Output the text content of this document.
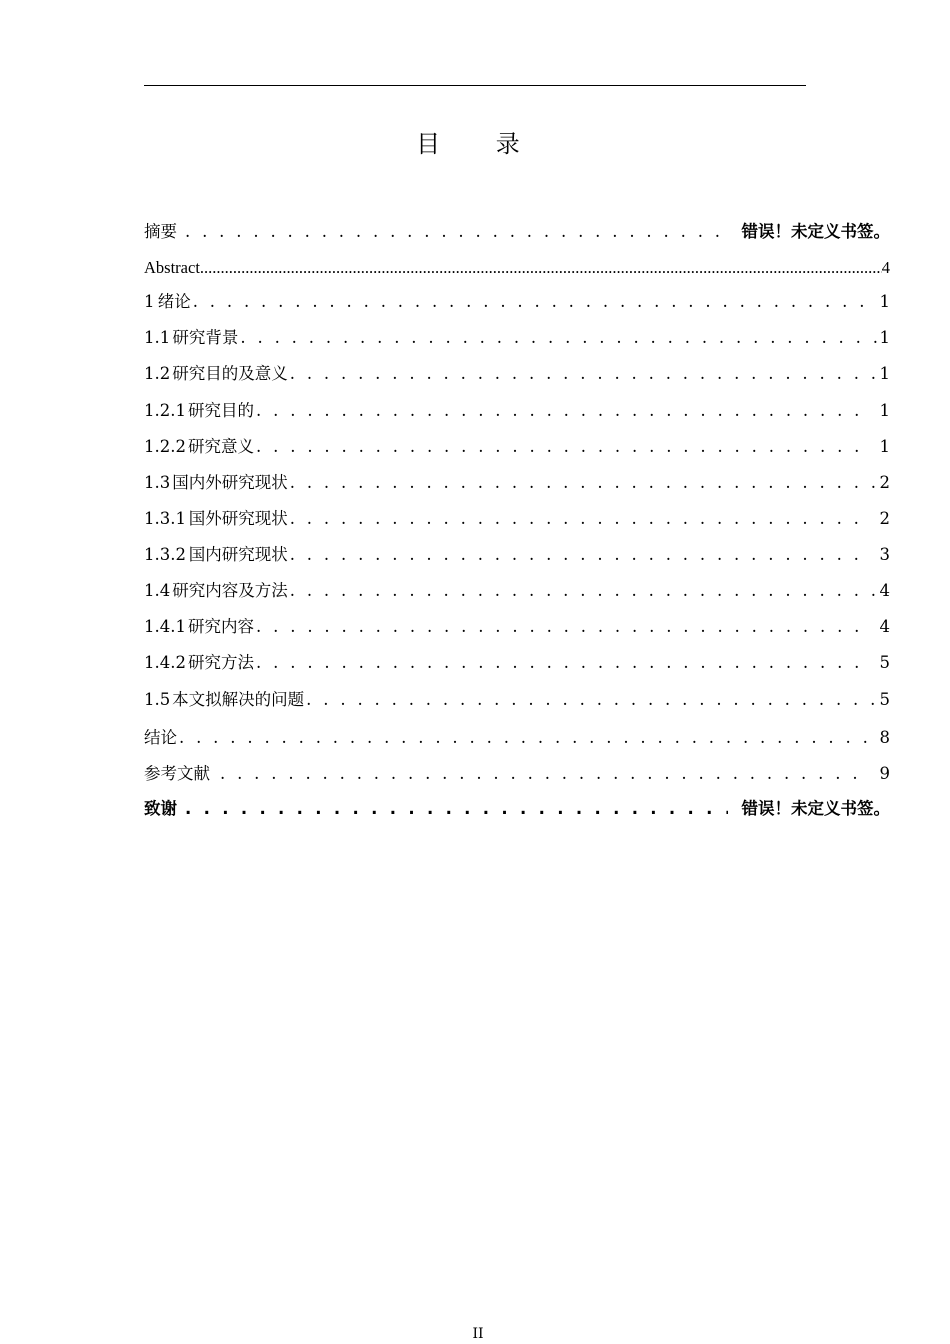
目 录
摘要 . . .	错误！未定义书签。
Abstract .....	4
1 绪论 . . .	1
1.1 研究背景 . . .	1
1.2 研究目的及意义 . . .	1
1.2.1 研究目的 . . .	1
1.2.2 研究意义 . . .	1
1.3 国内外研究现状 . . .	2
1.3.1 国外研究现状 . . .	2
1.3.2 国内研究现状 . . .	3
1.4 研究内容及方法 . . .	4
1.4.1 研究内容 . . .	4
1.4.2 研究方法 . . .	5
1.5 本文拟解决的问题 . . .	5
结论 . . .	8
参考文献 . . .	9
致谢 . . .	错误！未定义书签。
II
